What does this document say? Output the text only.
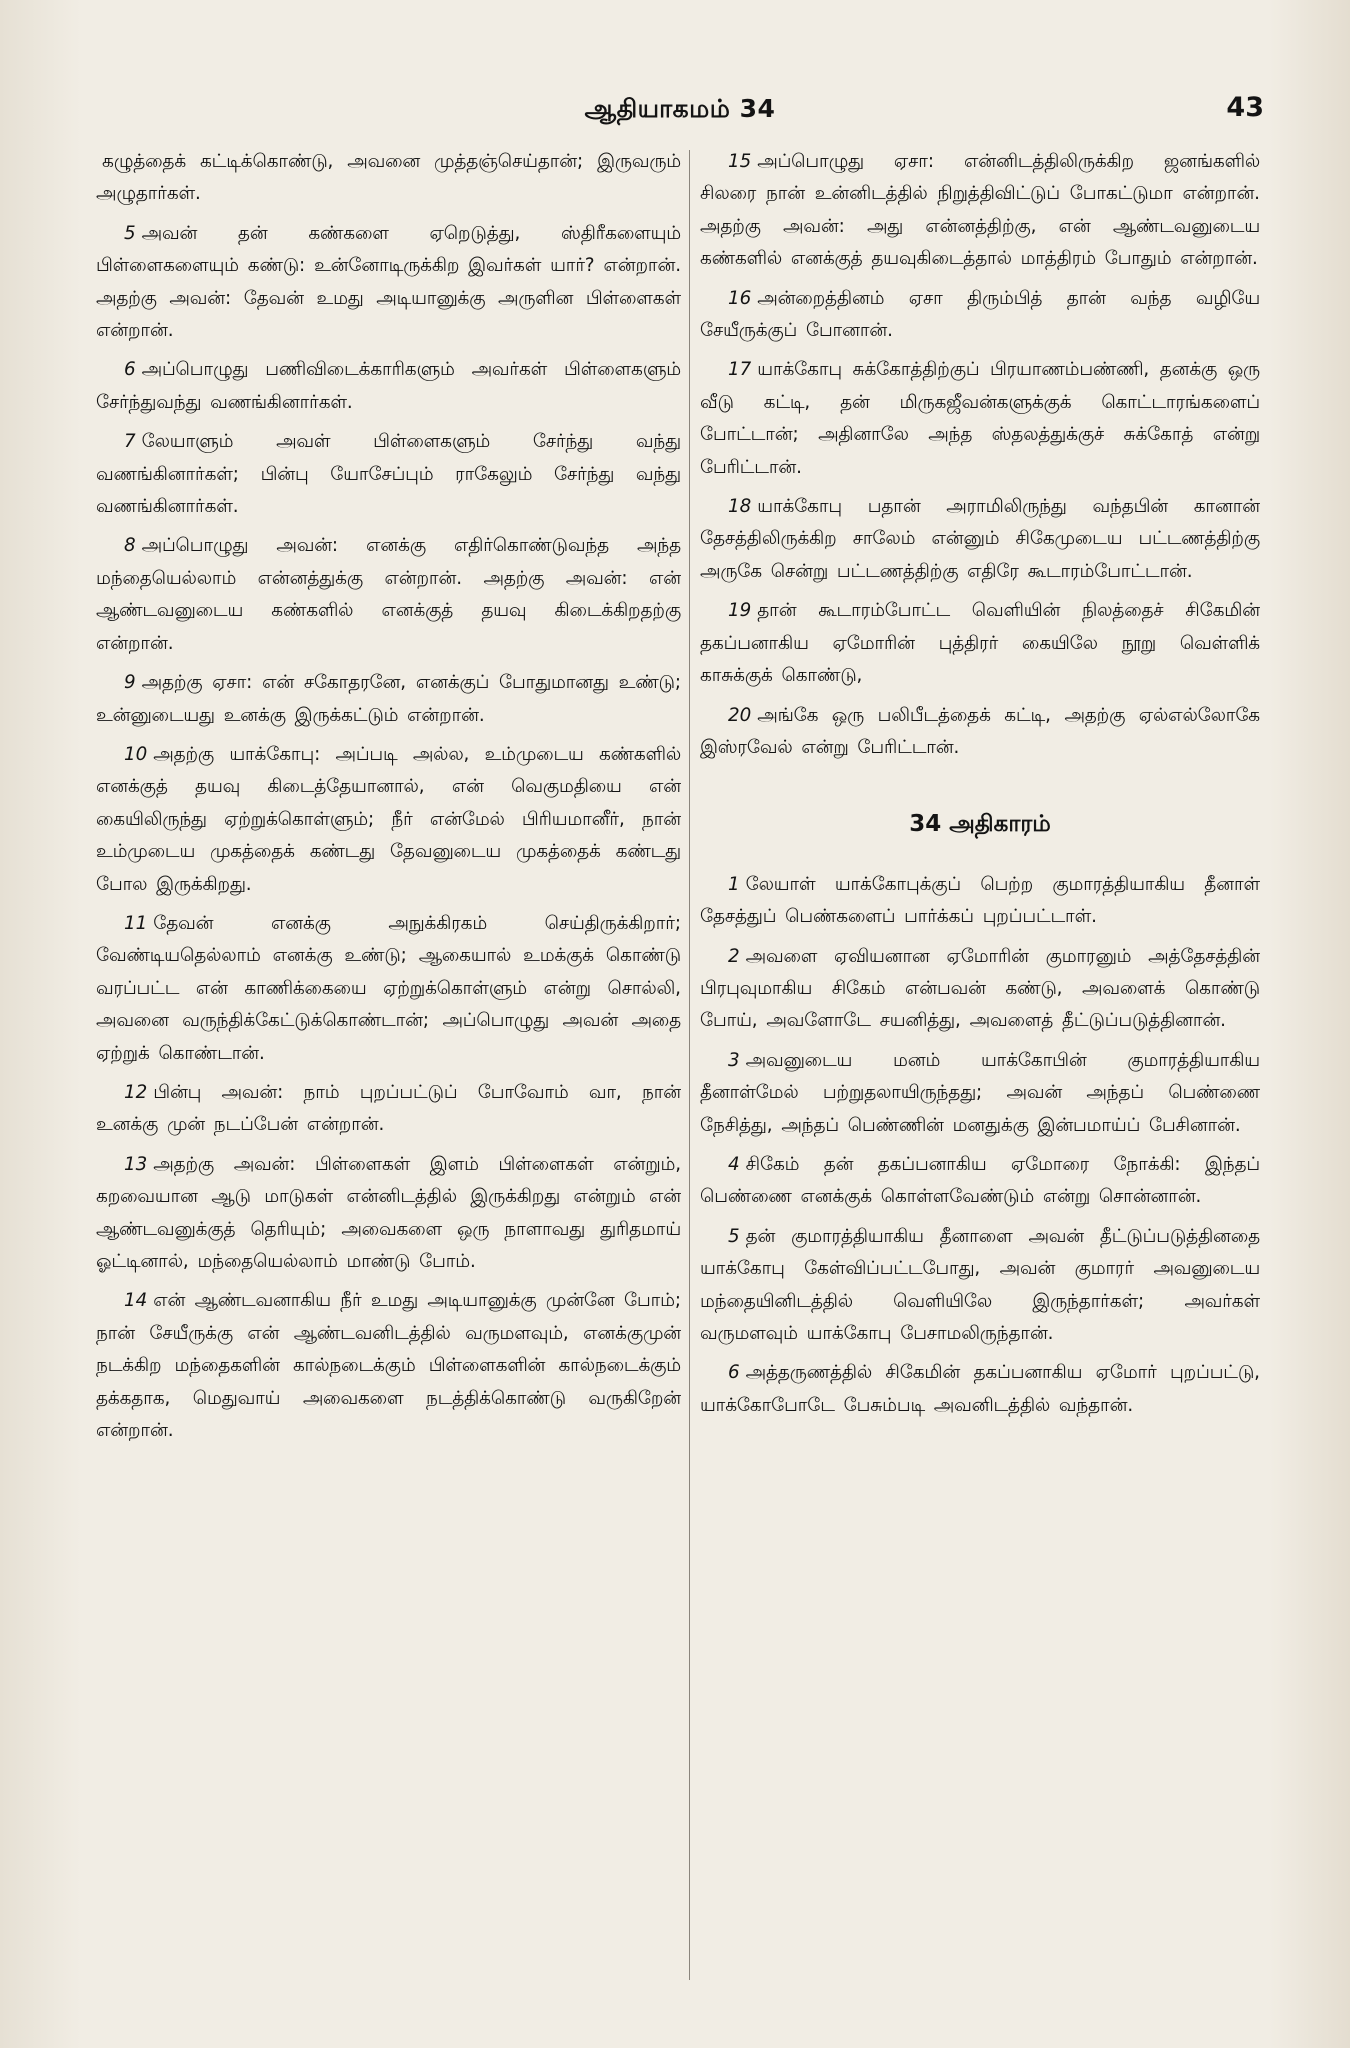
ஆதியாகமம் 34	43

கழுத்தைக் கட்டிக்கொண்டு, அவனை முத்தஞ்செய்தான்; இருவரும் அழுதார்கள்.

5 அவன் தன் கண்களை ஏறெடுத்து, ஸ்திரீகளையும் பிள்ளைகளையும் கண்டு: உன்னோடிருக்கிற இவர்கள் யார்? என்றான். அதற்கு அவன்: தேவன் உமது அடியானுக்கு அருளின பிள்ளைகள் என்றான்.

6 அப்பொழுது பணிவிடைக்காரிகளும் அவர்கள் பிள்ளைகளும் சேர்ந்துவந்து வணங்கினார்கள்.

7 லேயாளும் அவள் பிள்ளைகளும் சேர்ந்து வந்து வணங்கினார்கள்; பின்பு யோசேப்பும் ராகேலும் சேர்ந்து வந்து வணங்கினார்கள்.

8 அப்பொழுது அவன்: எனக்கு எதிர்கொண்டுவந்த அந்த மந்தையெல்லாம் என்னத்துக்கு என்றான். அதற்கு அவன்: என் ஆண்டவனுடைய கண்களில் எனக்குத் தயவு கிடைக்கிறதற்கு என்றான்.

9 அதற்கு ஏசா: என் சகோதரனே, எனக்குப் போதுமானது உண்டு; உன்னுடையது உனக்கு இருக்கட்டும் என்றான்.

10 அதற்கு யாக்கோபு: அப்படி அல்ல, உம்முடைய கண்களில் எனக்குத் தயவு கிடைத்தேயானால், என் வெகுமதியை என் கையிலிருந்து ஏற்றுக்கொள்ளும்; நீர் என்மேல் பிரியமானீர், நான் உம்முடைய முகத்தைக் கண்டது தேவனுடைய முகத்தைக் கண்டது போல இருக்கிறது.

11 தேவன் எனக்கு அநுக்கிரகம் செய்திருக்கிறார்; வேண்டியதெல்லாம் எனக்கு உண்டு; ஆகையால் உமக்குக் கொண்டு வரப்பட்ட என் காணிக்கையை ஏற்றுக்கொள்ளும் என்று சொல்லி, அவனை வருந்திக்கேட்டுக்கொண்டான்; அப்பொழுது அவன் அதை ஏற்றுக் கொண்டான்.

12 பின்பு அவன்: நாம் புறப்பட்டுப் போவோம் வா, நான் உனக்கு முன் நடப்பேன் என்றான்.

13 அதற்கு அவன்: பிள்ளைகள் இளம் பிள்ளைகள் என்றும், கறவையான ஆடு மாடுகள் என்னிடத்தில் இருக்கிறது என்றும் என் ஆண்டவனுக்குத் தெரியும்; அவைகளை ஒரு நாளாவது துரிதமாய் ஓட்டினால், மந்தையெல்லாம் மாண்டு போம்.

14 என் ஆண்டவனாகிய நீர் உமது அடியானுக்கு முன்னே போம்; நான் சேயீருக்கு என் ஆண்டவனிடத்தில் வருமளவும், எனக்குமுன் நடக்கிற மந்தைகளின் கால்நடைக்கும் பிள்ளைகளின் கால்நடைக்கும் தக்கதாக, மெதுவாய் அவைகளை நடத்திக்கொண்டு வருகிறேன் என்றான்.

15 அப்பொழுது ஏசா: என்னிடத்திலிருக்கிற ஜனங்களில் சிலரை நான் உன்னிடத்தில் நிறுத்திவிட்டுப் போகட்டுமா என்றான். அதற்கு அவன்: அது என்னத்திற்கு, என் ஆண்டவனுடைய கண்களில் எனக்குத் தயவுகிடைத்தால் மாத்திரம் போதும் என்றான்.

16 அன்றைத்தினம் ஏசா திரும்பித் தான் வந்த வழியே சேயீருக்குப் போனான்.

17 யாக்கோபு சுக்கோத்திற்குப் பிரயாணம்பண்ணி, தனக்கு ஒரு வீடு கட்டி, தன் மிருகஜீவன்களுக்குக் கொட்டாரங்களைப் போட்டான்; அதினாலே அந்த ஸ்தலத்துக்குச் சுக்கோத் என்று பேரிட்டான்.

18 யாக்கோபு பதான் அராமிலிருந்து வந்தபின் கானான் தேசத்திலிருக்கிற சாலேம் என்னும் சிகேமுடைய பட்டணத்திற்கு அருகே சென்று பட்டணத்திற்கு எதிரே கூடாரம்போட்டான்.

19 தான் கூடாரம்போட்ட வெளியின் நிலத்தைச் சிகேமின் தகப்பனாகிய ஏமோரின் புத்திரர் கையிலே நூறு வெள்ளிக் காசுக்குக் கொண்டு,

20 அங்கே ஒரு பலிபீடத்தைக் கட்டி, அதற்கு ஏல்எல்லோகே இஸ்ரவேல் என்று பேரிட்டான்.

34 அதிகாரம்

1 லேயாள் யாக்கோபுக்குப் பெற்ற குமாரத்தியாகிய தீனாள் தேசத்துப் பெண்களைப் பார்க்கப் புறப்பட்டாள்.

2 அவளை ஏவியனான ஏமோரின் குமாரனும் அத்தேசத்தின் பிரபுவுமாகிய சிகேம் என்பவன் கண்டு, அவளைக் கொண்டு போய், அவளோடே சயனித்து, அவளைத் தீட்டுப்படுத்தினான்.

3 அவனுடைய மனம் யாக்கோபின் குமாரத்தியாகிய தீனாள்மேல் பற்றுதலாயிருந்தது; அவன் அந்தப் பெண்ணை நேசித்து, அந்தப் பெண்ணின் மனதுக்கு இன்பமாய்ப் பேசினான்.

4 சிகேம் தன் தகப்பனாகிய ஏமோரை நோக்கி: இந்தப் பெண்ணை எனக்குக் கொள்ளவேண்டும் என்று சொன்னான்.

5 தன் குமாரத்தியாகிய தீனாளை அவன் தீட்டுப்படுத்தினதை யாக்கோபு கேள்விப்பட்டபோது, அவன் குமாரர் அவனுடைய மந்தையினிடத்தில் வெளியிலே இருந்தார்கள்; அவர்கள் வருமளவும் யாக்கோபு பேசாமலிருந்தான்.

6 அத்தருணத்தில் சிகேமின் தகப்பனாகிய ஏமோர் புறப்பட்டு, யாக்கோபோடே பேசும்படி அவனிடத்தில் வந்தான்.
